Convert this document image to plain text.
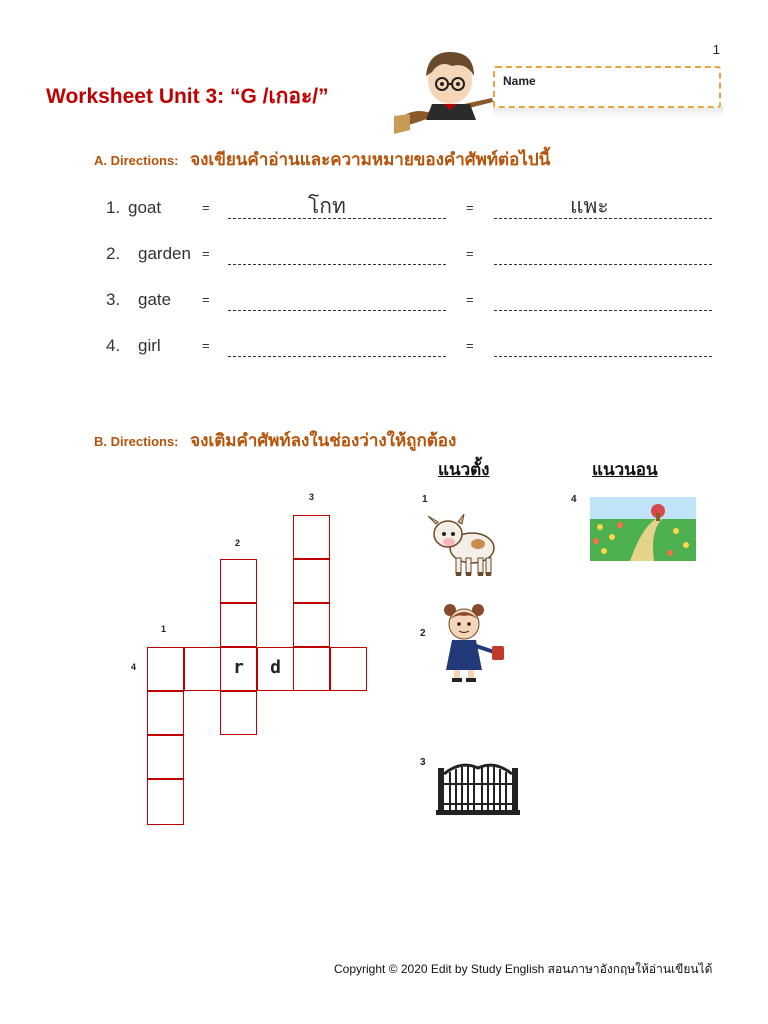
1
Worksheet Unit 3: “G /เกอะ/”
Name
A. Directions: จงเขียนคำอ่านและความหมายของคำศัพท์ต่อไปนี้
1. goat	=	โกท	=	แพะ
2. garden =	=
3. gate =	=
4. girl	=	=
B. Directions: จงเติมคำศัพท์ลงในช่องว่างให้ถูกต้อง
แนวตั้ง	แนวนอน
3
2
1
4	r	d
1
2
3
4
Copyright © 2020 Edit by Study English สอนภาษาอังกฤษให้อ่านเขียนได้
